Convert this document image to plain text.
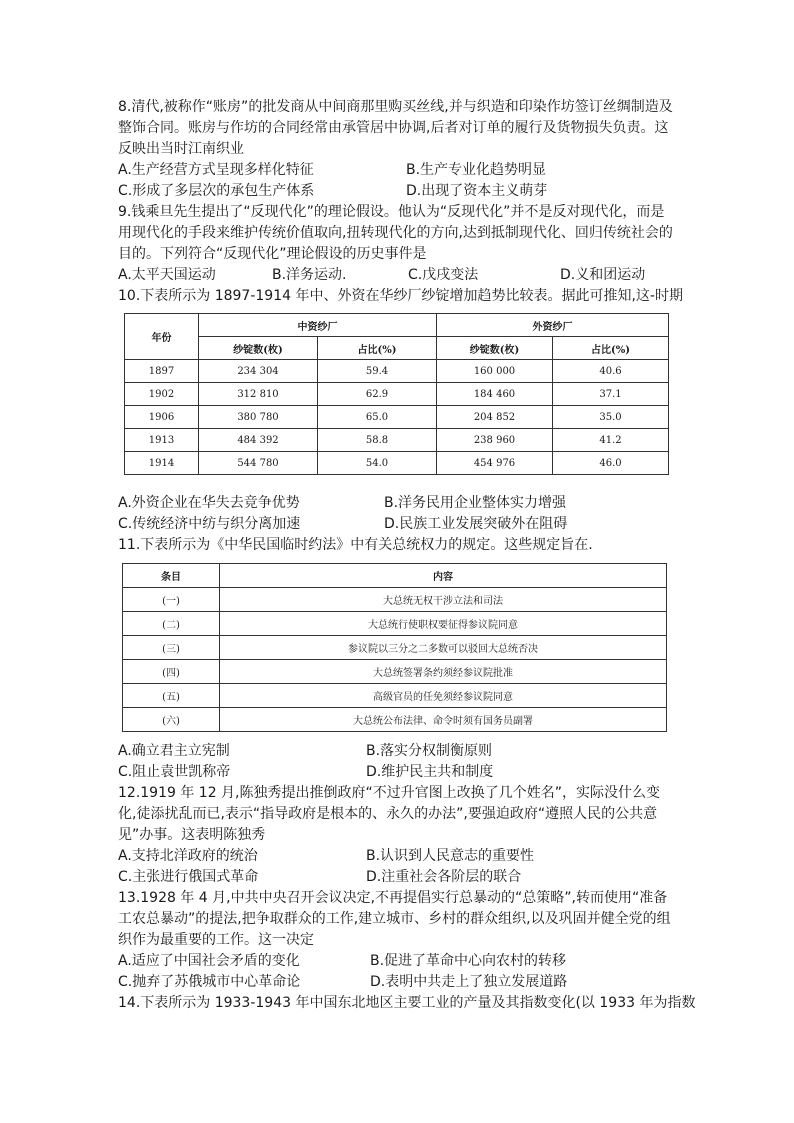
8.清代,被称作“账房”的批发商从中间商那里购买丝线,并与织造和印染作坊签订丝绸制造及整饰合同。账房与作坊的合同经常由承管居中协调,后者对订单的履行及货物损失负责。这反映出当时江南织业

A.生产经营方式呈现多样化特征	B.生产专业化趋势明显
C.形成了多层次的承包生产体系	D.出现了资本主义萌芽

9.钱乘旦先生提出了“反现代化”的理论假设。他认为“反现代化”并不是反对现代化，而是用现代化的手段来维护传统价值取向,扭转现代化的方向,达到抵制现代化、回归传统社会的目的。下列符合“反现代化”理论假设的历史事件是

A.太平天国运动	B.洋务运动.	C.戊戌变法	D.义和团运动

10.下表所示为 1897-1914 年中、外资在华纱厂纱锭增加趋势比较表。据此可推知,这-时期

年份	中资纱厂		外资纱厂	
	纱锭数(枚)	占比(%)	纱锭数(枚)	占比(%)
1897	234 304	59.4	160 000	40.6
1902	312 810	62.9	184 460	37.1
1906	380 780	65.0	204 852	35.0
1913	484 392	58.8	238 960	41.2
1914	544 780	54.0	454 976	46.0
A.外资企业在华失去竞争优势	B.洋务民用企业整体实力增强
C.传统经济中纺与织分离加速	D.民族工业发展突破外在阻碍

11.下表所示为《中华民国临时约法》中有关总统权力的规定。这些规定旨在.

条目	内容
(一)	大总统无权干涉立法和司法
(二)	大总统行使职权要征得参议院同意
(三)	参议院以三分之二多数可以驳回大总统否决
(四)	大总统签署条约须经参议院批准
(五)	高级官员的任免须经参议院同意
(六)	大总统公布法律、命令时须有国务员副署
A.确立君主立宪制	B.落实分权制衡原则
C.阻止袁世凯称帝	D.维护民主共和制度

12.1919 年 12 月,陈独秀提出推倒政府“不过升官图上改换了几个姓名”，实际没什么变化,徒添扰乱而已,表示“指导政府是根本的、永久的办法”,要强迫政府“遵照人民的公共意见”办事。这表明陈独秀

A.支持北洋政府的统治	B.认识到人民意志的重要性
C.主张进行俄国式革命	D.注重社会各阶层的联合

13.1928 年 4 月,中共中央召开会议决定,不再提倡实行总暴动的“总策略”,转而使用“准备工农总暴动”的提法,把争取群众的工作,建立城市、乡村的群众组织,以及巩固并健全党的组织作为最重要的工作。这一决定

A.适应了中国社会矛盾的变化	B.促进了革命中心向农村的转移
C.抛弃了苏俄城市中心革命论	D.表明中共走上了独立发展道路

14.下表所示为 1933-1943 年中国东北地区主要工业的产量及其指数变化(以 1933 年为指数
